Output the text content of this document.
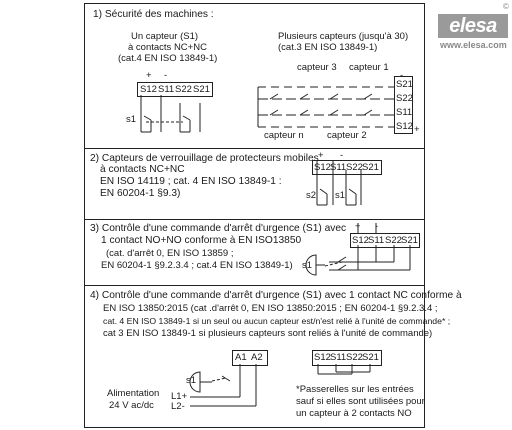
elesa
©
www.elesa.com
1) Sécurité des machines :
Un capteur (S1)
à contacts NC+NC
(cat.4 EN ISO 13849-1)
+ -
S12 S11 S22 S21
s1
Plusieurs capteurs (jusqu'à 30)
(cat.3 EN ISO 13849-1)
capteur 3 capteur 1
capteur n capteur 2
-
+
S21
S22
S11
S12
2) Capteurs de verrouillage de protecteurs mobiles
à contacts NC+NC
EN ISO 14119 ; cat. 4 EN ISO 13849-1 :
EN 60204-1 §9.3)
+ -
S12 S11 S22 S21
s2 s1
3) Contrôle d'une commande d'arrêt d'urgence (S1) avec
1 contact NO+NO conforme à EN ISO13850
(cat. d'arrêt 0, EN ISO 13859 ;
EN 60204-1 §9.2.3.4 ; cat.4 EN ISO 13849-1)
+ -
S12 S11 S22 S21
s1
4) Contrôle d'une commande d'arrêt d'urgence (S1) avec 1 contact NC conforme à
EN ISO 13850:2015 (cat .d'arrêt 0, EN ISO 13850:2015 ; EN 60204-1 §9.2.3.4 ;
cat. 4 EN ISO 13849-1 si un seul ou aucun capteur est/n'est relié à l'unité de commande* ;
cat 3 EN ISO 13849-1 si plusieurs capteurs sont reliés à l'unité de commande)
A1 A2
s1
Alimentation
24 V ac/dc
L1+
L2-
S12 S11 S22 S21
*Passerelles sur les entrées
sauf si elles sont utilisées pour
un capteur à 2 contacts NO
